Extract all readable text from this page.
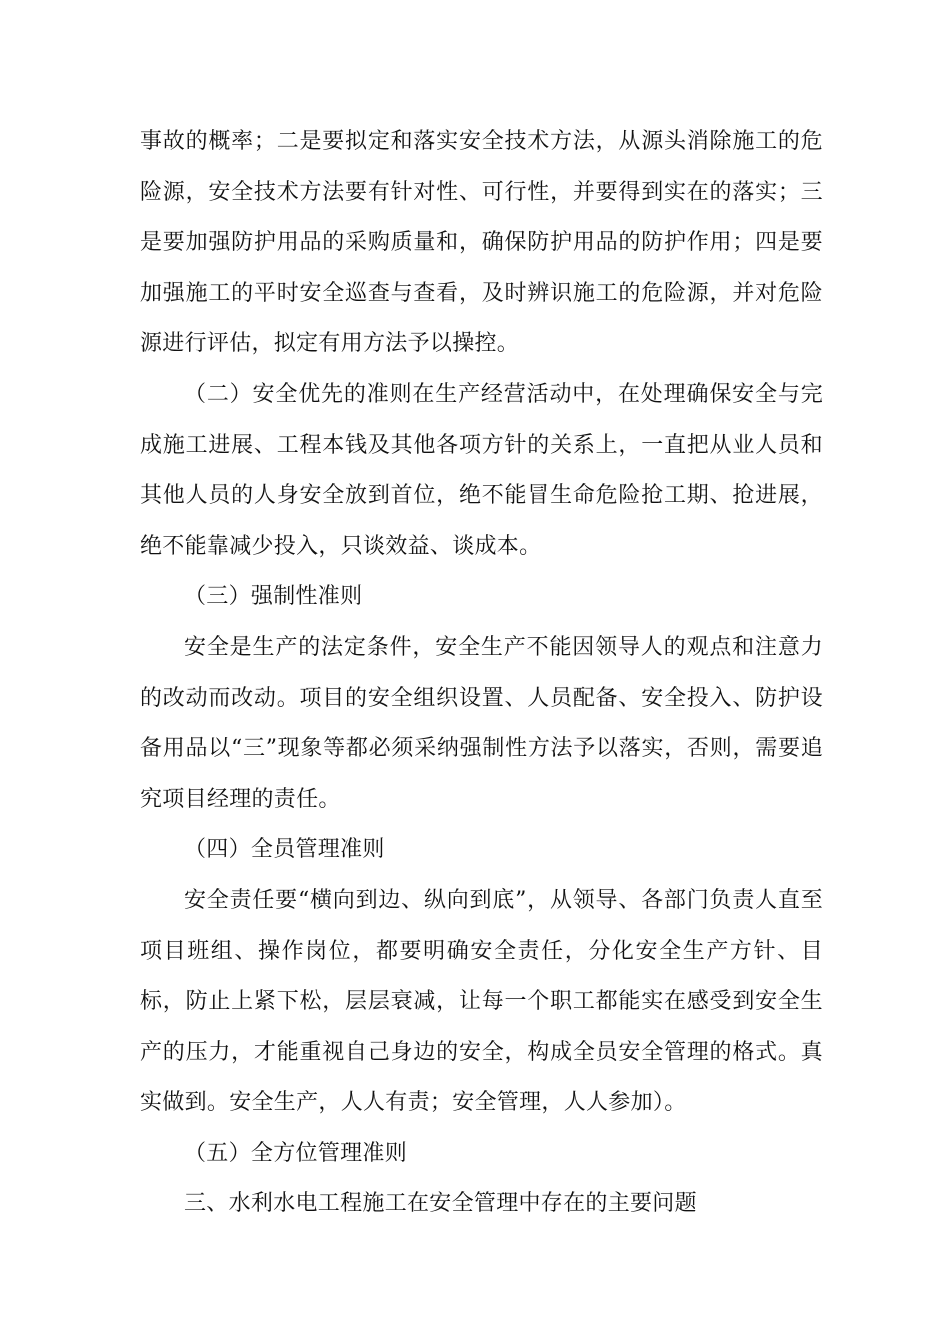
事故的概率；二是要拟定和落实安全技术方法，从源头消除施工的危险源，安全技术方法要有针对性、可行性，并要得到实在的落实；三是要加强防护用品的采购质量和，确保防护用品的防护作用；四是要加强施工的平时安全巡查与查看，及时辨识施工的危险源，并对危险源进行评估，拟定有用方法予以操控。

（二）安全优先的准则在生产经营活动中，在处理确保安全与完成施工进展、工程本钱及其他各项方针的关系上，一直把从业人员和其他人员的人身安全放到首位，绝不能冒生命危险抢工期、抢进展，绝不能靠减少投入，只谈效益、谈成本。

（三）强制性准则

安全是生产的法定条件，安全生产不能因领导人的观点和注意力的改动而改动。项目的安全组织设置、人员配备、安全投入、防护设备用品以“三”现象等都必须采纳强制性方法予以落实，否则，需要追究项目经理的责任。

（四）全员管理准则

安全责任要“横向到边、纵向到底”，从领导、各部门负责人直至项目班组、操作岗位，都要明确安全责任，分化安全生产方针、目标，防止上紧下松，层层衰减，让每一个职工都能实在感受到安全生产的压力，才能重视自己身边的安全，构成全员安全管理的格式。真实做到。安全生产，人人有责；安全管理，人人参加）。

（五）全方位管理准则

三、水利水电工程施工在安全管理中存在的主要问题
